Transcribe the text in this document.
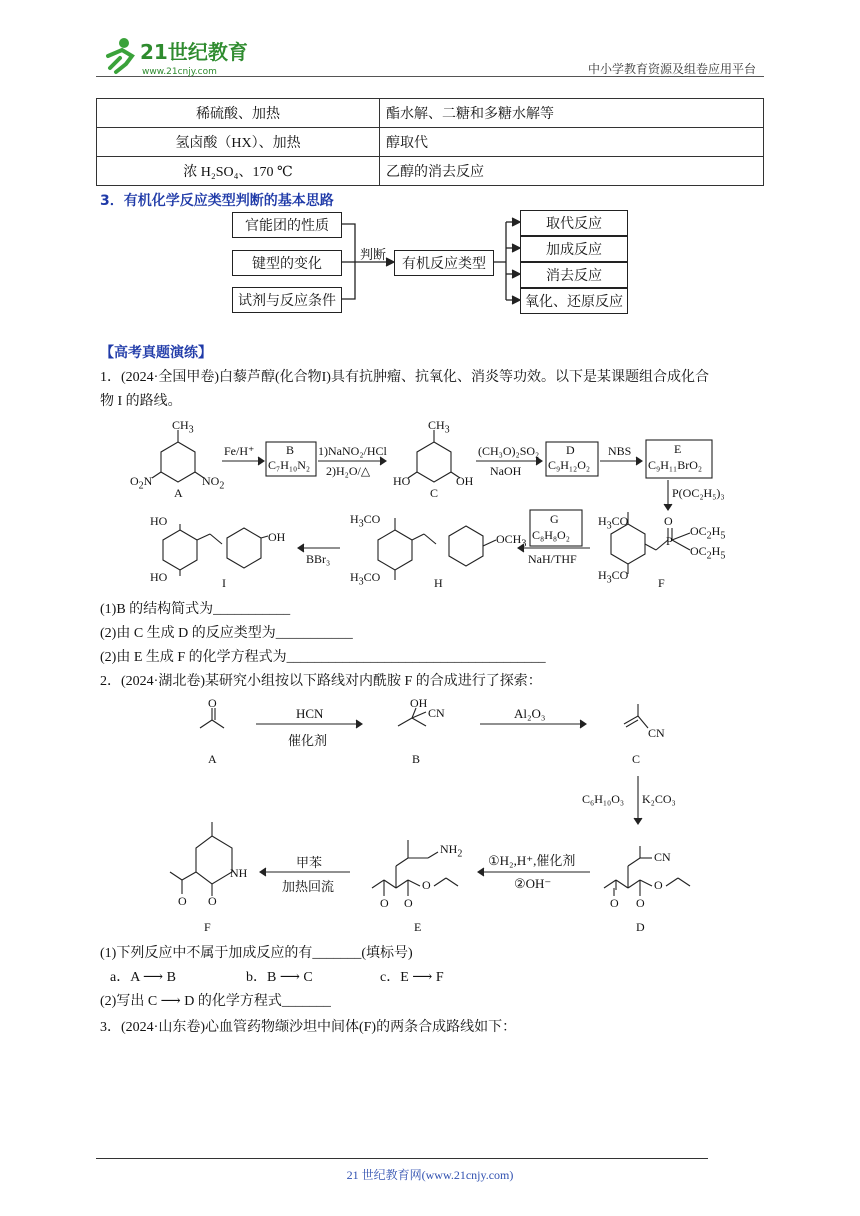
21世纪教育
www.21cnjy.com	中小学教育资源及组卷应用平台
稀硫酸、加热	酯水解、二糖和多糖水解等
氢卤酸（HX）、加热	醇取代
浓 H₂SO₄、170 ℃	乙醇的消去反应
3．有机化学反应类型判断的基本思路
官能团的性质
键型的变化
试剂与反应条件
判断
有机反应类型
取代反应
加成反应
消去反应
氧化、还原反应
【高考真题演练】
1．(2024·全国甲卷)白藜芦醇(化合物I)具有抗肿瘤、抗氧化、消炎等功效。以下是某课题组合成化合
物 I 的路线。
$CH_3$
$O_2N$	$NO_2$
A
Fe/H⁺	B
C₇H₁₀N₂
1)NaNO₂/HCl
2)H₂O/△
$CH_3$
HO	OH
C
(CH₃O)₂SO₂
NaOH
D
C₉H₁₂O₂
NBS	E
C₉H₁₁BrO₂
P(OC₂H₅)₃
G
C₈H₈O₂
NaH/THF
$H_3CO$
$H_3CO$
O
$OC_2H_5$
$OC_2H_5$
P
F
$H_3CO$
$H_3CO$
$OCH_3$
H
BBr₃
HO
HO
OH
I
(1)B 的结构简式为___________
(2)由 C 生成 D 的反应类型为___________
(2)由 E 生成 F 的化学方程式为_____________________________________
2．(2024·湖北卷)某研究小组按以下路线对内酰胺 F 的合成进行了探索：
O
A
HCN
催化剂
OH
CN
B
Al₂O₃
CN
C
C₆H₁₀O₃ K₂CO₃
CN
O O
O
D
①H₂,H⁺,催化剂
②OH⁻
$NH_2$
O O
O
E
甲苯
加热回流
NH
O O
F
(1)下列反应中不属于加成反应的有_______(填标号)
a．A ⟶ B	b．B ⟶ C	c．E ⟶ F
(2)写出 C ⟶ D 的化学方程式_______
3．(2024·山东卷)心血管药物缬沙坦中间体(F)的两条合成路线如下：
21 世纪教育网(www.21cnjy.com)
